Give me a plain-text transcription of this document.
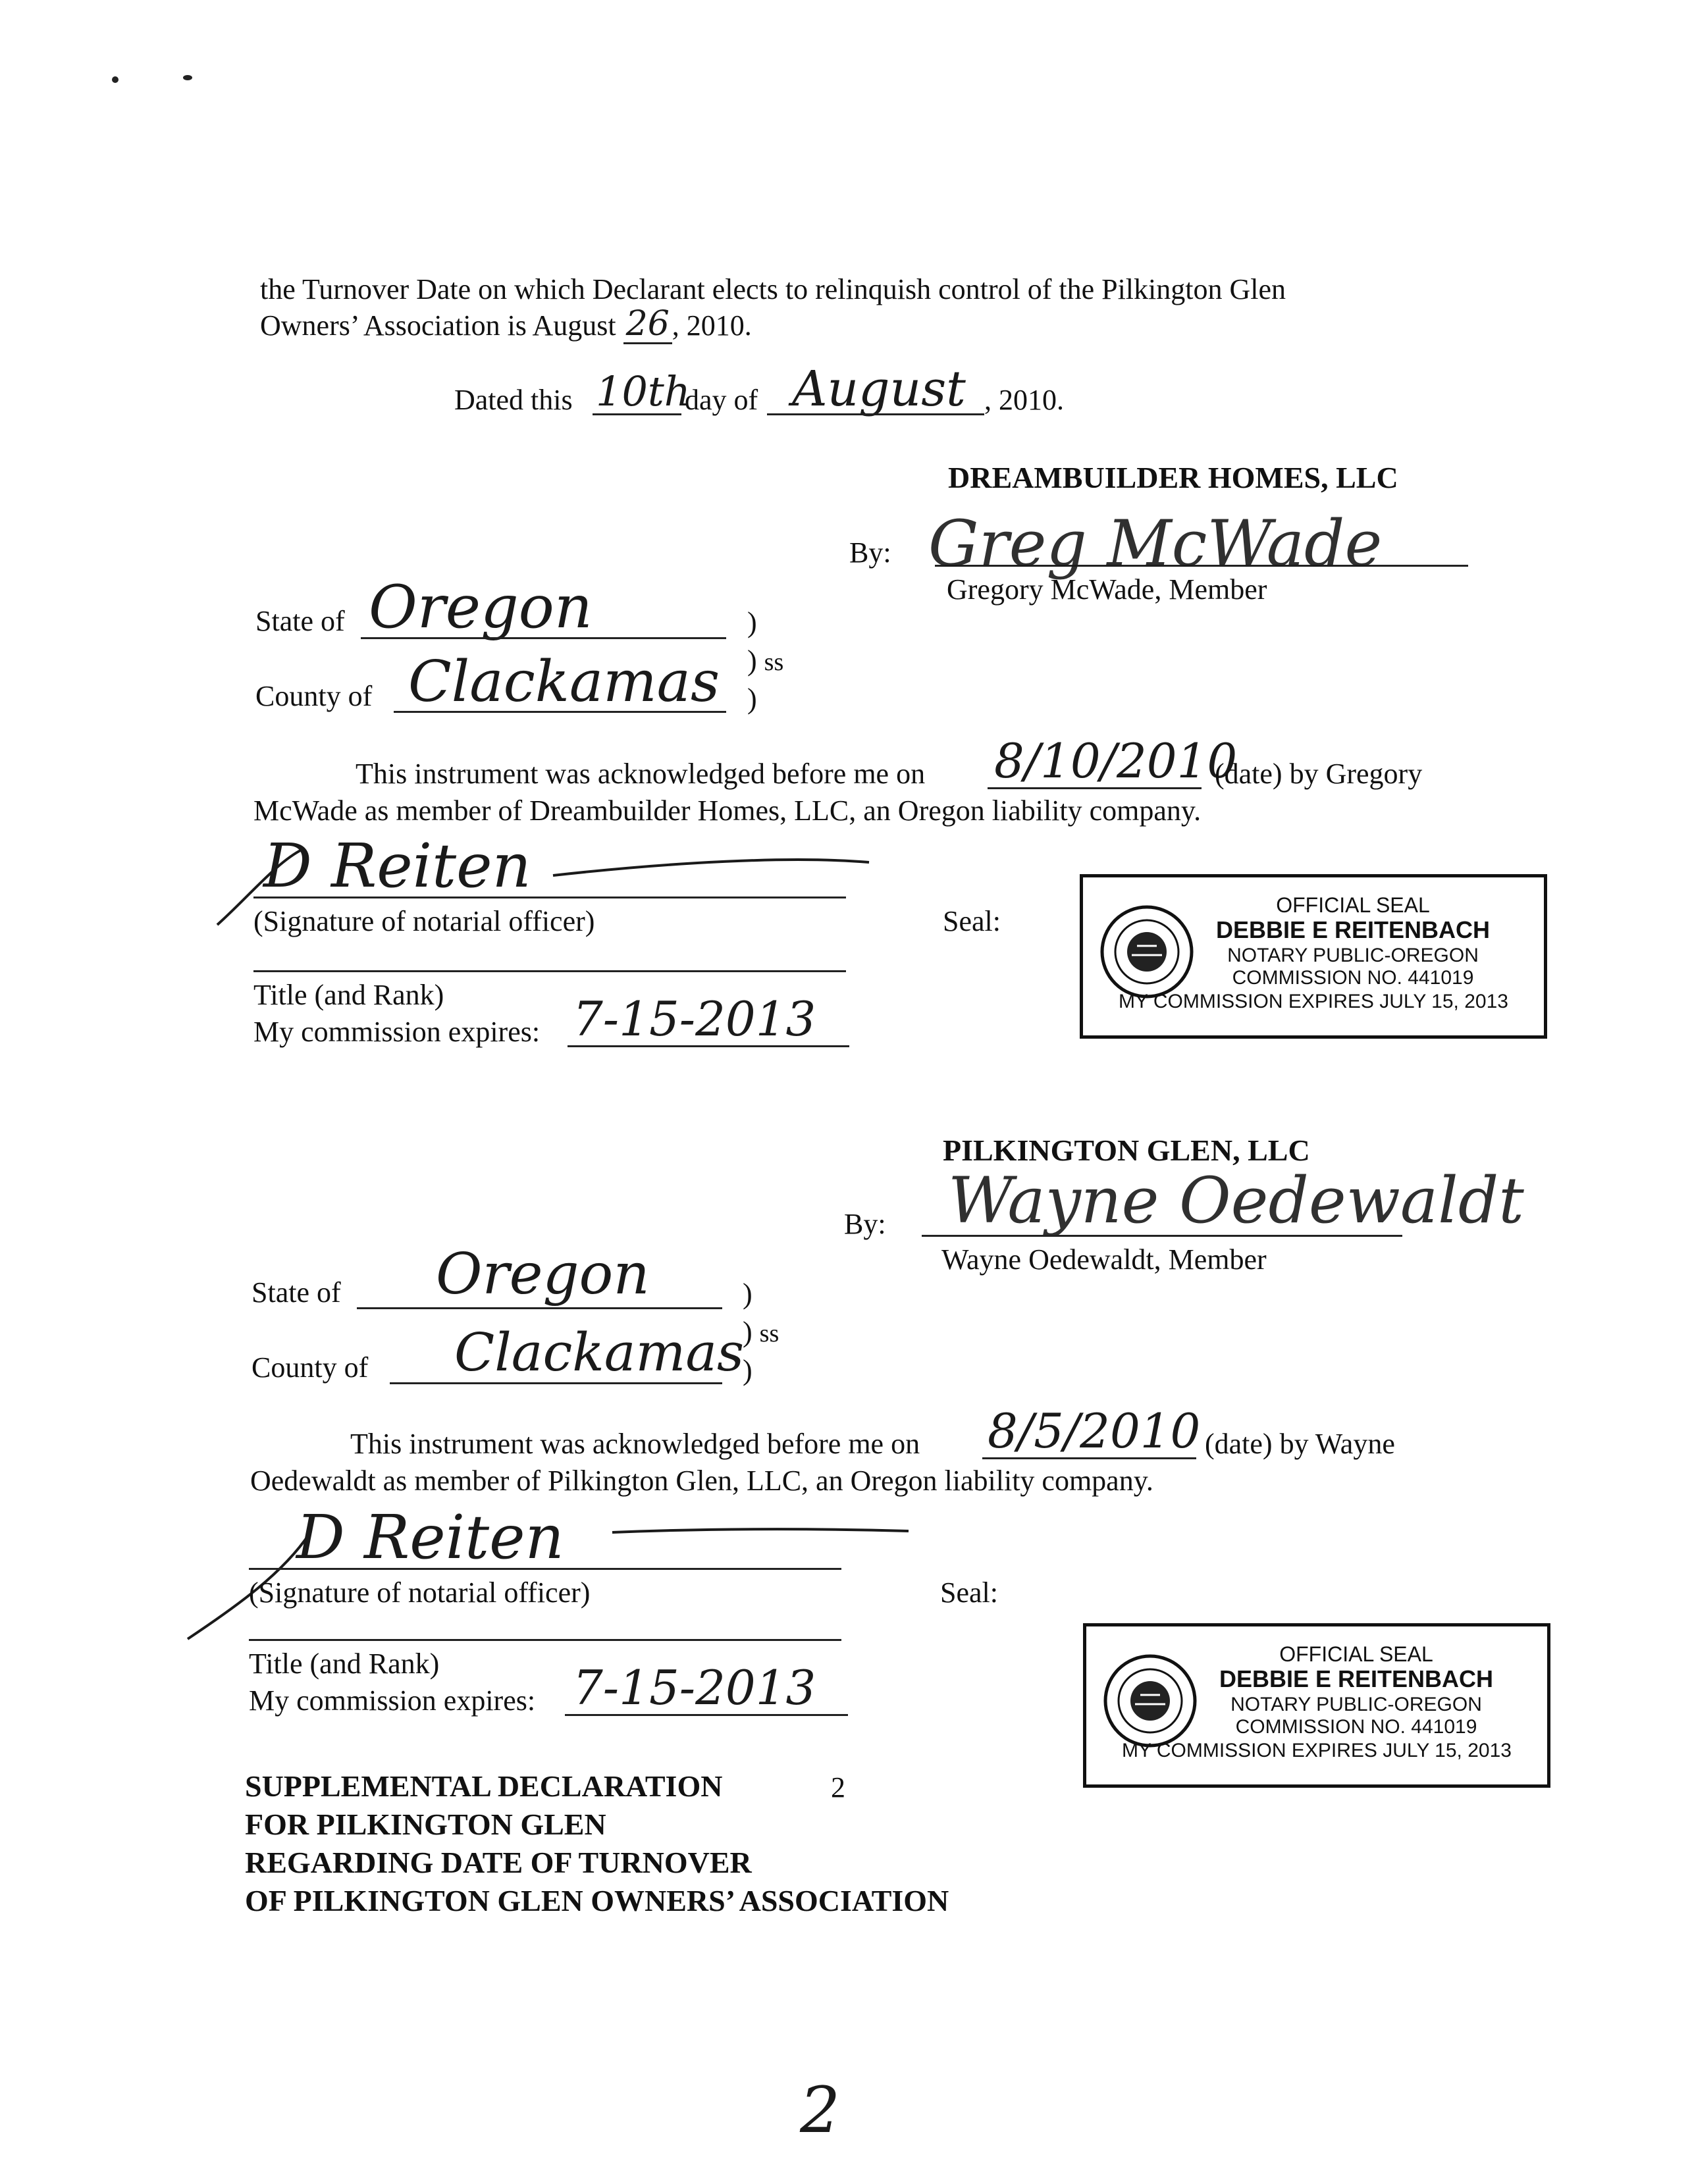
the Turnover Date on which Declarant elects to relinquish control of the Pilkington Glen
Owners’ Association is August 26, 2010.
Dated this 10th
day of August , 2010.
DREAMBUILDER HOMES, LLC
By: Greg McWade
Gregory McWade, Member
State of Oregon	)
) ss
)
County of Clackamas
This instrument was acknowledged before me on 8/10/2010
(date) by Gregory
McWade as member of Dreambuilder Homes, LLC, an Oregon liability company.
D Reiten
(Signature of notarial officer)	Seal:
Title (and Rank)
My commission expires: 7-15-2013
OFFICIAL SEAL
DEBBIE E REITENBACH
NOTARY PUBLIC-OREGON
COMMISSION NO. 441019
MY COMMISSION EXPIRES JULY 15, 2013
PILKINGTON GLEN, LLC
By: Wayne Oedewaldt
Wayne Oedewaldt, Member
State of Oregon	)
) ss
)
County of Clackamas
This instrument was acknowledged before me on 8/5/2010 (date) by Wayne
Oedewaldt as member of Pilkington Glen, LLC, an Oregon liability company.
D Reiten
(Signature of notarial officer)	Seal:
Title (and Rank)
My commission expires: 7-15-2013
OFFICIAL SEAL
DEBBIE E REITENBACH
NOTARY PUBLIC-OREGON
COMMISSION NO. 441019
MY COMMISSION EXPIRES JULY 15, 2013
SUPPLEMENTAL DECLARATION	2
FOR PILKINGTON GLEN
REGARDING DATE OF TURNOVER
OF PILKINGTON GLEN OWNERS’ ASSOCIATION
2
